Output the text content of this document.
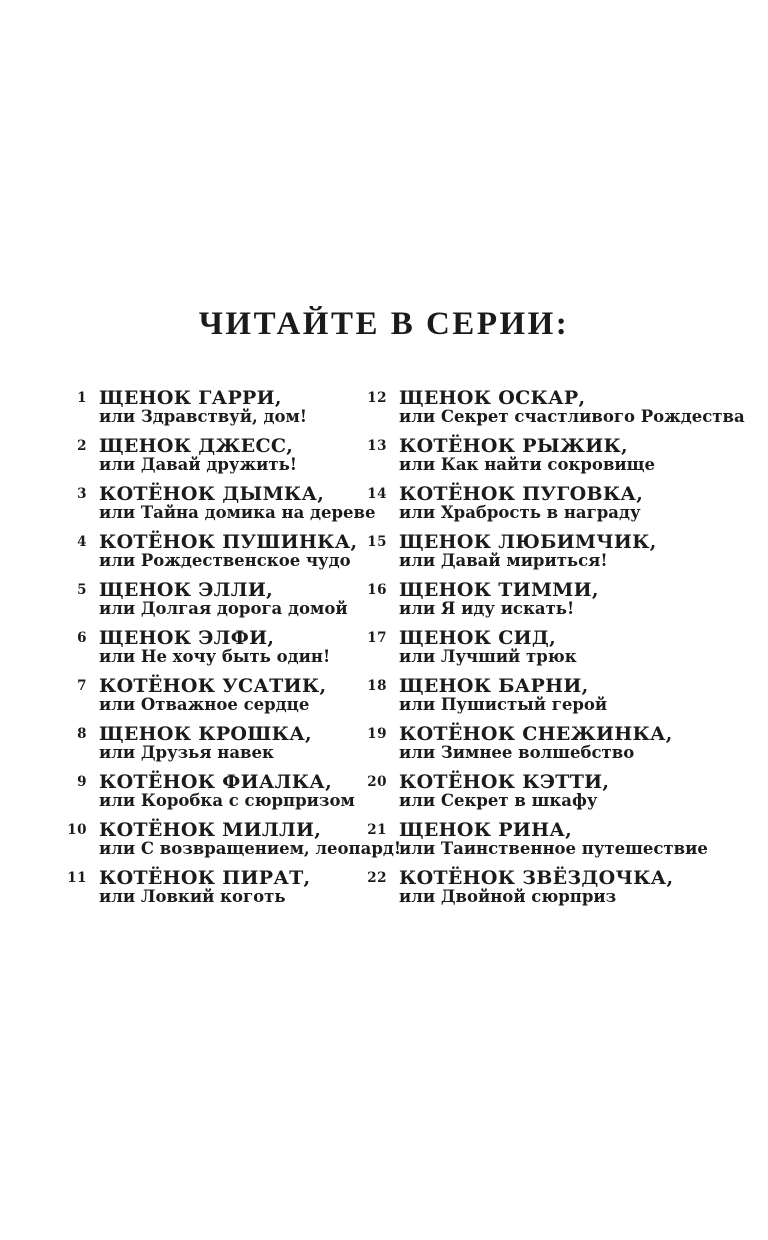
ЧИТАЙТЕ В СЕРИИ:
1 ЩЕНОК ГАРРИ,
или Здравствуй, дом!
2 ЩЕНОК ДЖЕСС,
или Давай дружить!
3 КОТЁНОК ДЫМКА,
или Тайна домика на дереве
4 КОТЁНОК ПУШИНКА,
или Рождественское чудо
5 ЩЕНОК ЭЛЛИ,
или Долгая дорога домой
6 ЩЕНОК ЭЛФИ,
или Не хочу быть один!
7 КОТЁНОК УСАТИК,
или Отважное сердце
8 ЩЕНОК КРОШКА,
или Друзья навек
9 КОТЁНОК ФИАЛКА,
или Коробка с сюрпризом
10 КОТЁНОК МИЛЛИ,
или С возвращением, леопард!
11 КОТЁНОК ПИРАТ,
или Ловкий коготь
12 ЩЕНОК ОСКАР,
или Секрет счастливого Рождества
13 КОТЁНОК РЫЖИК,
или Как найти сокровище
14 КОТЁНОК ПУГОВКА,
или Храбрость в награду
15 ЩЕНОК ЛЮБИМЧИК,
или Давай мириться!
16 ЩЕНОК ТИММИ,
или Я иду искать!
17 ЩЕНОК СИД,
или Лучший трюк
18 ЩЕНОК БАРНИ,
или Пушистый герой
19 КОТЁНОК СНЕЖИНКА,
или Зимнее волшебство
20 КОТЁНОК КЭТТИ,
или Секрет в шкафу
21 ЩЕНОК РИНА,
или Таинственное путешествие
22 КОТЁНОК ЗВЁЗДОЧКА,
или Двойной сюрприз
